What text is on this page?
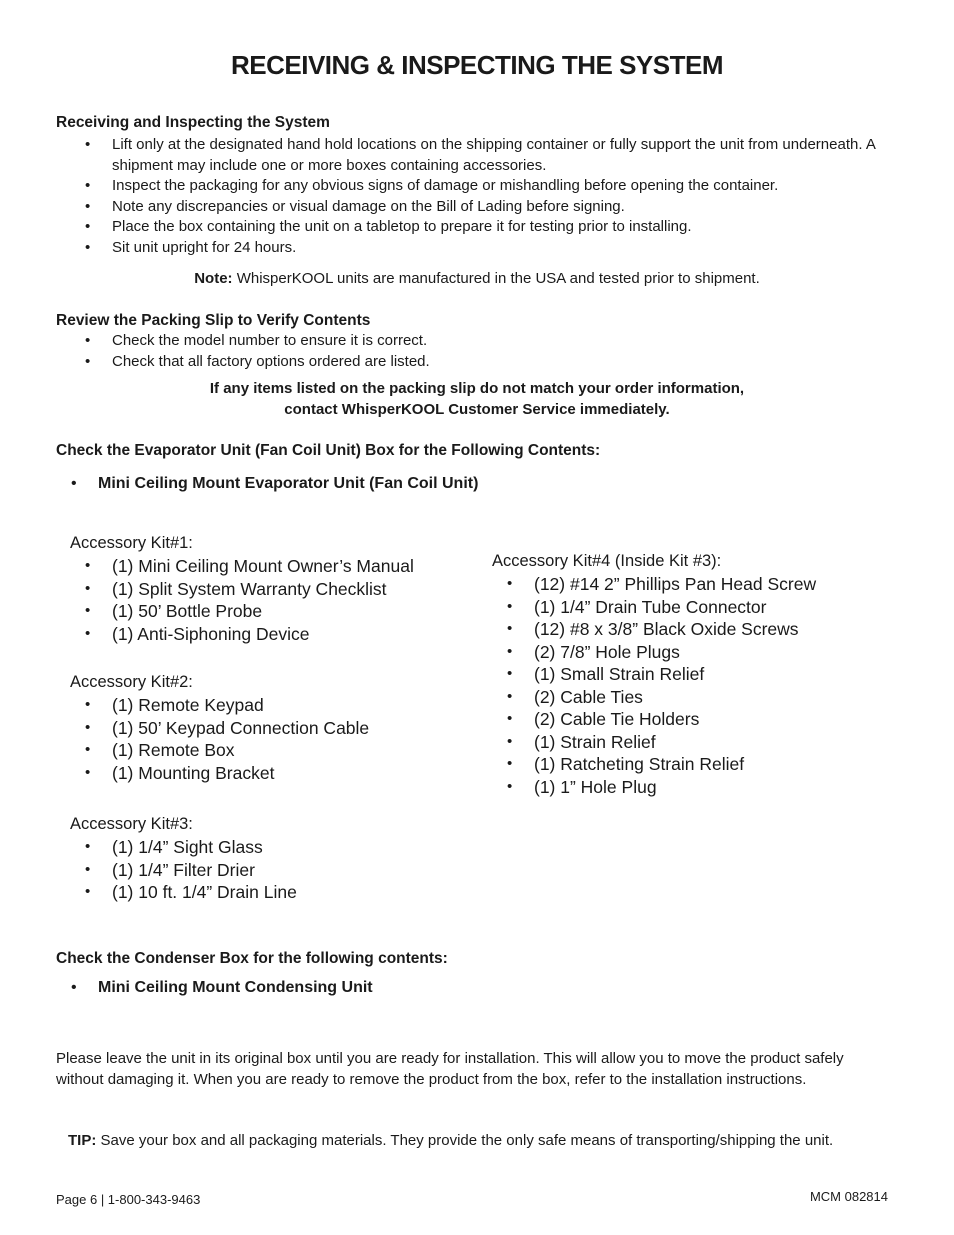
RECEIVING & INSPECTING THE SYSTEM

Receiving and Inspecting the System

• Lift only at the designated hand hold locations on the shipping container or fully support the unit from underneath. A shipment may include one or more boxes containing accessories.
• Inspect the packaging for any obvious signs of damage or mishandling before opening the container.
• Note any discrepancies or visual damage on the Bill of Lading before signing.
• Place the box containing the unit on a tabletop to prepare it for testing prior to installing.
• Sit unit upright for 24 hours.
Note: WhisperKOOL units are manufactured in the USA and tested prior to shipment.

Review the Packing Slip to Verify Contents

• Check the model number to ensure it is correct.
• Check that all factory options ordered are listed.
If any items listed on the packing slip do not match your order information,
contact WhisperKOOL Customer Service immediately.

Check the Evaporator Unit (Fan Coil Unit) Box for the Following Contents:

• Mini Ceiling Mount Evaporator Unit (Fan Coil Unit)

Accessory Kit#1:

• (1) Mini Ceiling Mount Owner’s Manual
• (1) Split System Warranty Checklist
• (1) 50’ Bottle Probe
• (1) Anti-Siphoning Device

Accessory Kit#2:

• (1) Remote Keypad
• (1) 50’ Keypad Connection Cable
• (1) Remote Box
• (1) Mounting Bracket

Accessory Kit#3:

• (1) 1/4” Sight Glass
• (1) 1/4” Filter Drier
• (1) 10 ft. 1/4” Drain Line

Accessory Kit#4 (Inside Kit #3):

• (12) #14 2” Phillips Pan Head Screw
• (1) 1/4” Drain Tube Connector
• (12) #8 x 3/8” Black Oxide Screws
• (2) 7/8” Hole Plugs
• (1) Small Strain Relief
• (2) Cable Ties
• (2) Cable Tie Holders
• (1) Strain Relief
• (1) Ratcheting Strain Relief
• (1) 1” Hole Plug

Check the Condenser Box for the following contents:

• Mini Ceiling Mount Condensing Unit

Please leave the unit in its original box until you are ready for installation. This will allow you to move the product safely without damaging it. When you are ready to remove the product from the box, refer to the installation instructions.

TIP: Save your box and all packaging materials. They provide the only safe means of transporting/shipping the unit.
Page 6 | 1-800-343-9463	MCM 082814
